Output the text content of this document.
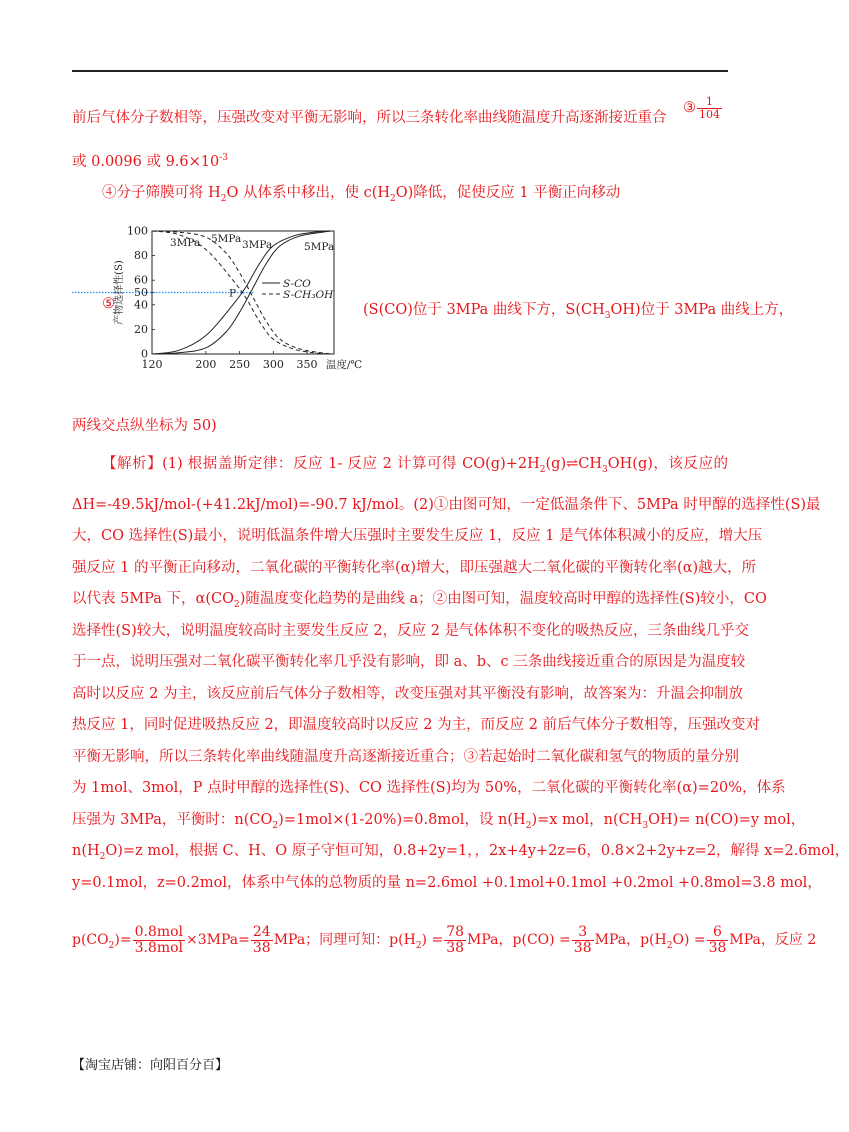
前后气体分子数相等，压强改变对平衡无影响，所以三条转化率曲线随温度升高逐渐接近重合
③ $\frac{1}{104}$
或 0.0096 或 $9.6\times 10^{-3}$
④分子筛膜可将 $H_2O$ 从体系中移出，使 $c(H_2O)$降低，促使反应 1 平衡正向移动
⑤
0
20
40
50
60
80
100
120	200 250 300 350 温度/℃
产物选择性(S)
3MPa 5MPa 3MPa	5MPa
P
S-CO
S-CH₃OH
(S(CO)位于 3MPa 曲线下方，$S(CH_3OH)$位于 3MPa 曲线上方，
两线交点纵坐标为 50)

【解析】(1) 根据盖斯定律：反应 1- 反应 2 计算可得 $CO(g)+2H_2(g)\rightleftharpoons CH_3OH(g)$，该反应的

ΔH=-49.5kJ/mol-(+41.2kJ/mol)=-90.7 kJ/mol。(2)①由图可知，一定低温条件下、5MPa 时甲醇的选择性(S)最

大，CO 选择性(S)最小，说明低温条件增大压强时主要发生反应 1，反应 1 是气体体积减小的反应，增大压

强反应 1 的平衡正向移动，二氧化碳的平衡转化率(α)增大，即压强越大二氧化碳的平衡转化率(α)越大，所

以代表 5MPa 下，$\alpha(CO_2)$随温度变化趋势的是曲线 a；②由图可知，温度较高时甲醇的选择性(S)较小，CO

选择性(S)较大，说明温度较高时主要发生反应 2，反应 2 是气体体积不变化的吸热反应，三条曲线几乎交

于一点，说明压强对二氧化碳平衡转化率几乎没有影响，即 a、b、c 三条曲线接近重合的原因是为温度较

高时以反应 2 为主，该反应前后气体分子数相等，改变压强对其平衡没有影响，故答案为：升温会抑制放

热反应 1，同时促进吸热反应 2，即温度较高时以反应 2 为主，而反应 2 前后气体分子数相等，压强改变对

平衡无影响，所以三条转化率曲线随温度升高逐渐接近重合；③若起始时二氧化碳和氢气的物质的量分别

为 1mol、3mol，P 点时甲醇的选择性(S)、CO 选择性(S)均为 50%，二氧化碳的平衡转化率(α)=20%，体系

压强为 3MPa，平衡时：$n(CO_2)=1mol\times(1-20\%)=0.8mol$，设 $n(H_2)=x$ mol，$n(CH_3OH)= n(CO)=y$ mol，

$n(H_2O)=z$ mol，根据 C、H、O 原子守恒可知，0.8+2y=1，，2x+4y+2z=6，0.8×2+2y+z=2，解得 x=2.6mol，

y=0.1mol，z=0.2mol，体系中气体的总物质的量 n=2.6mol +0.1mol+0.1mol +0.2mol +0.8mol=3.8 mol，

$p(CO_2)= \frac{\text{0.8mol}}{\text{3.8mol}} \times 3MPa= \frac{24}{38}$ MPa；同理可知：$p(H_2) = \frac{78}{38}$ MPa，$p(CO) = \frac{3}{38}$ MPa，$p(H_2O) = \frac{6}{38}$ MPa，反应 2
【淘宝店铺：向阳百分百】
